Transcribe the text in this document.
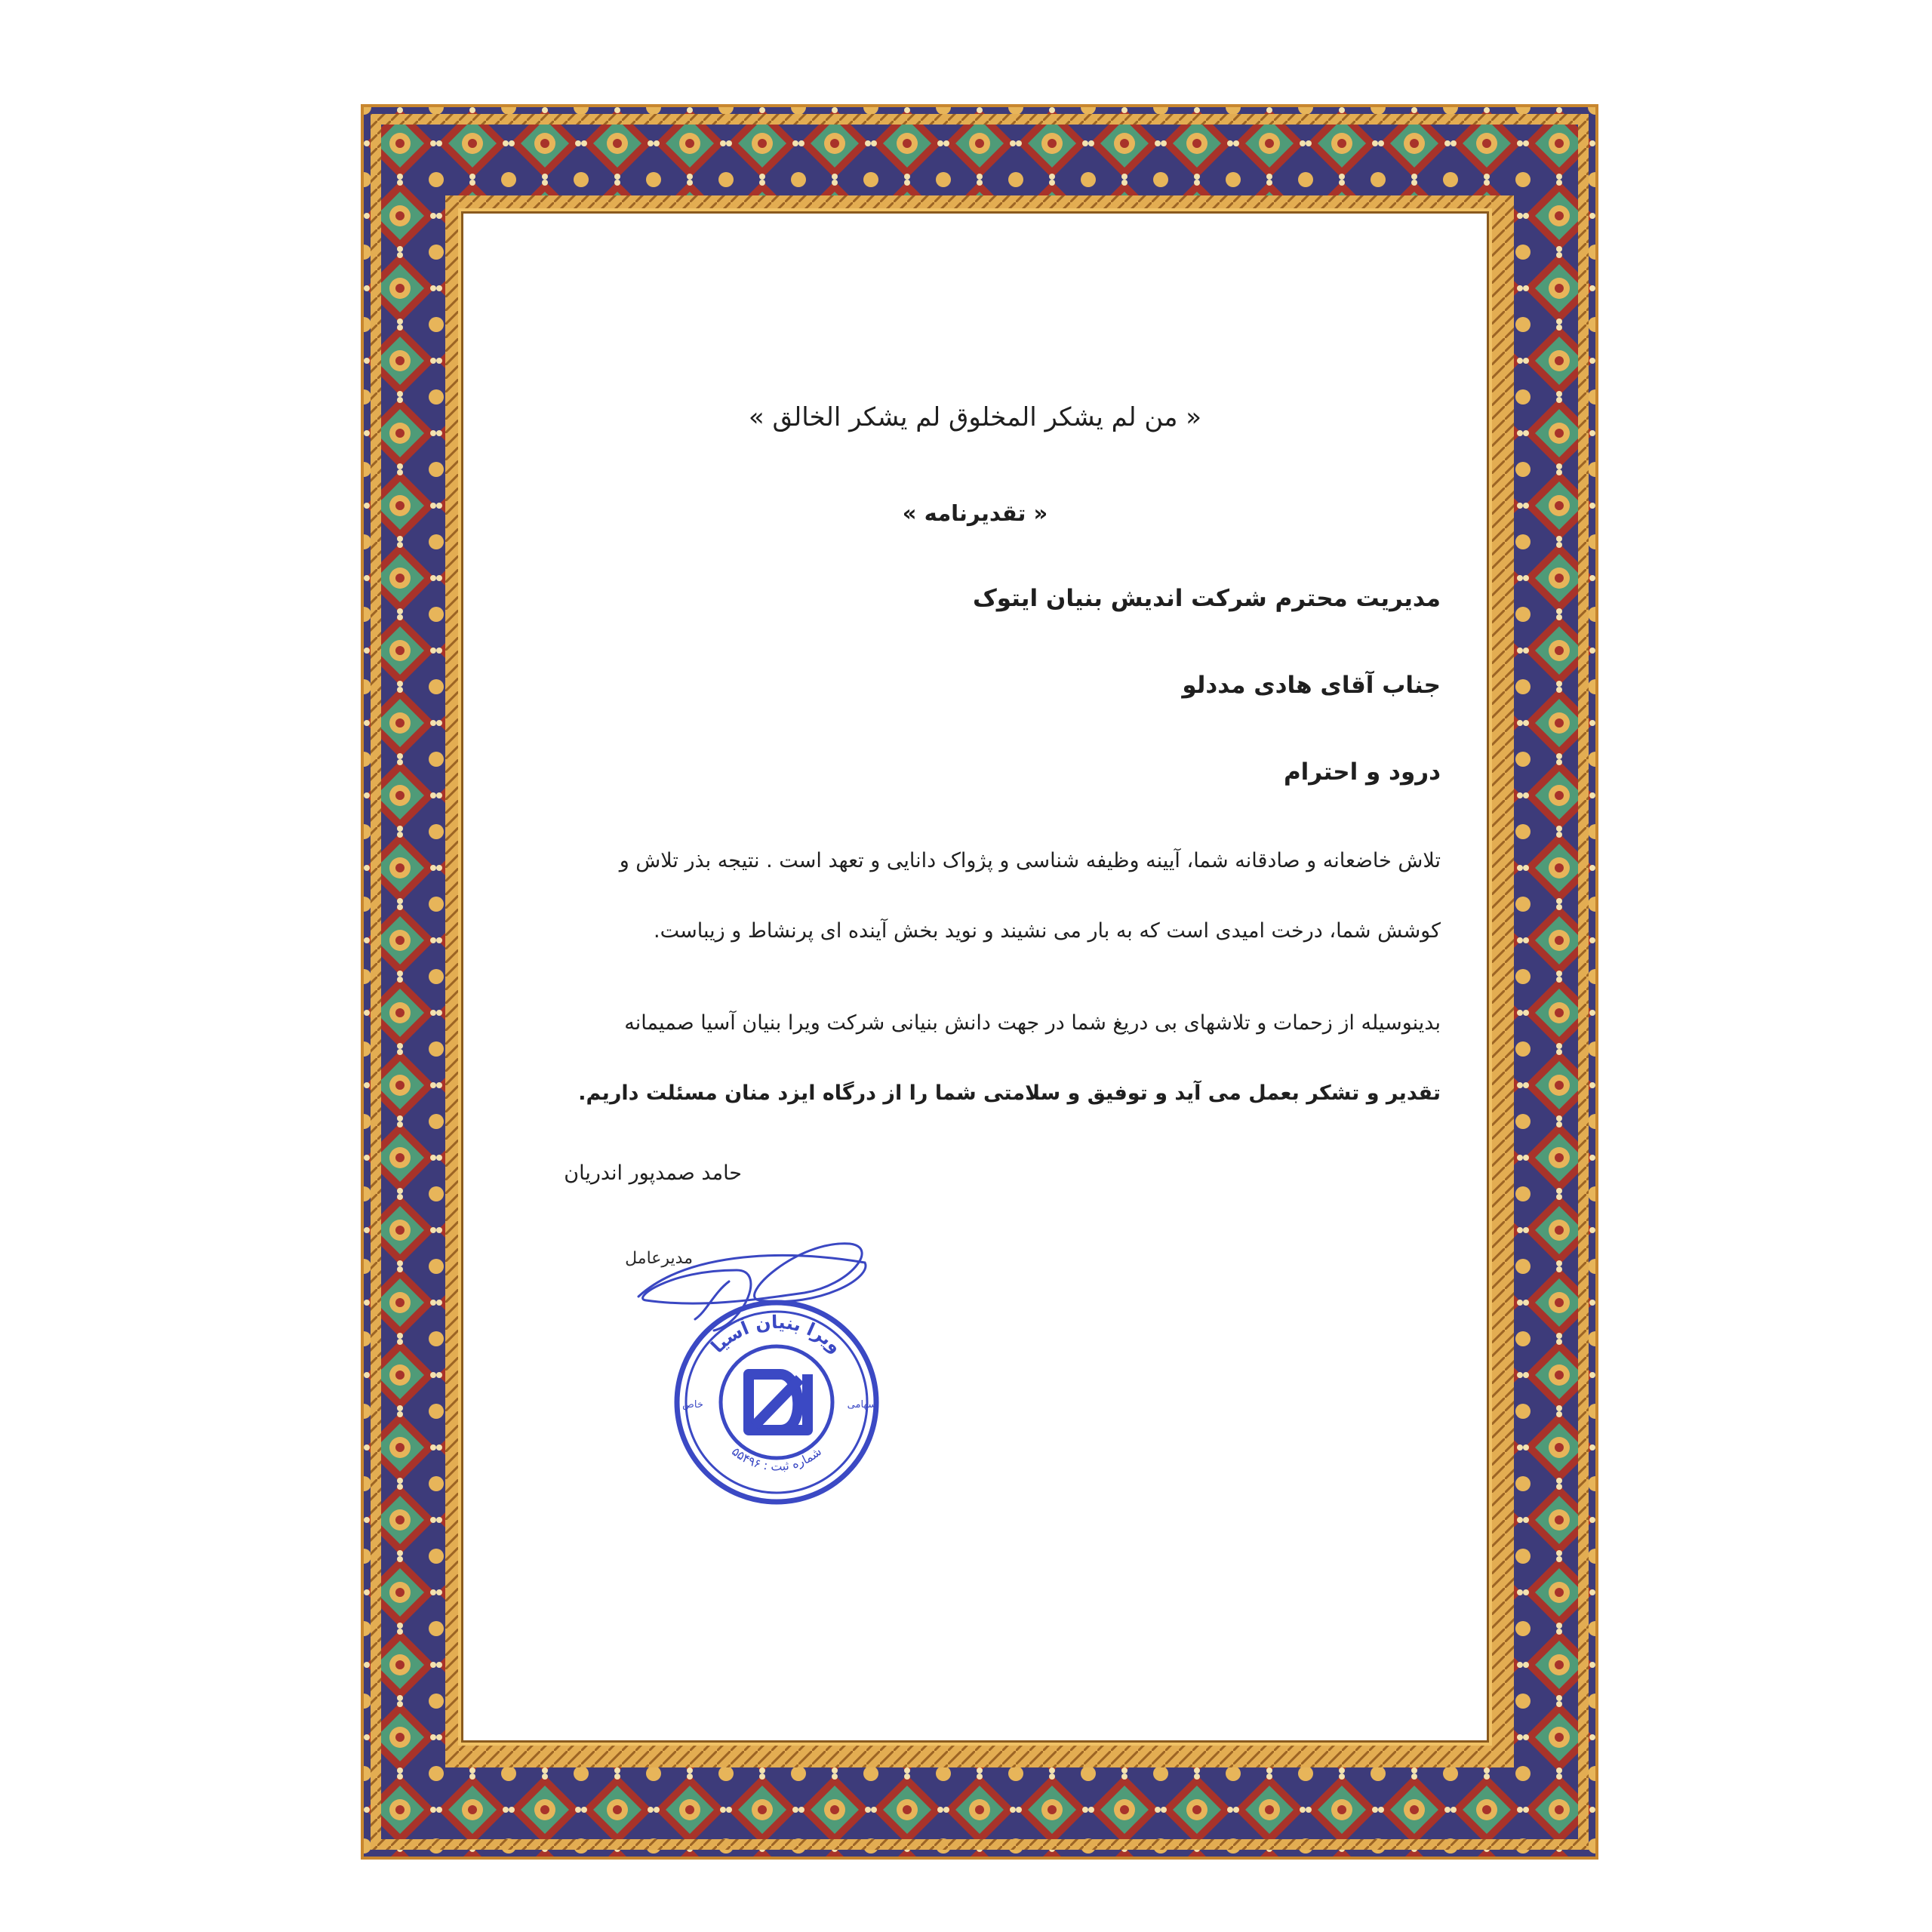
« من لم یشکر المخلوق لم یشکر الخالق »

« تقدیرنامه »

مدیریت محترم شرکت اندیش بنیان ایتوک

جناب آقای هادی مددلو

درود و احترام

تلاش خاضعانه و صادقانه شما، آیینه وظیفه شناسی و پژواک دانایی و تعهد است . نتیجه بذر تلاش و

کوشش شما، درخت امیدی است که به بار می نشیند و نوید بخش آینده ای پرنشاط و زیباست.

بدینوسیله از زحمات و تلاشهای بی دریغ شما در جهت دانش بنیانی شرکت ویرا بنیان آسیا صمیمانه

تقدیر و تشکر بعمل می آید و توفیق و سلامتی شما را از درگاه ایزد منان مسئلت داریم.

حامد صمدپور اندریان

مدیرعامل

ویرا بنیان آسیا
شماره ثبت : ۵۵۴۹۶
خاص	سهامی
